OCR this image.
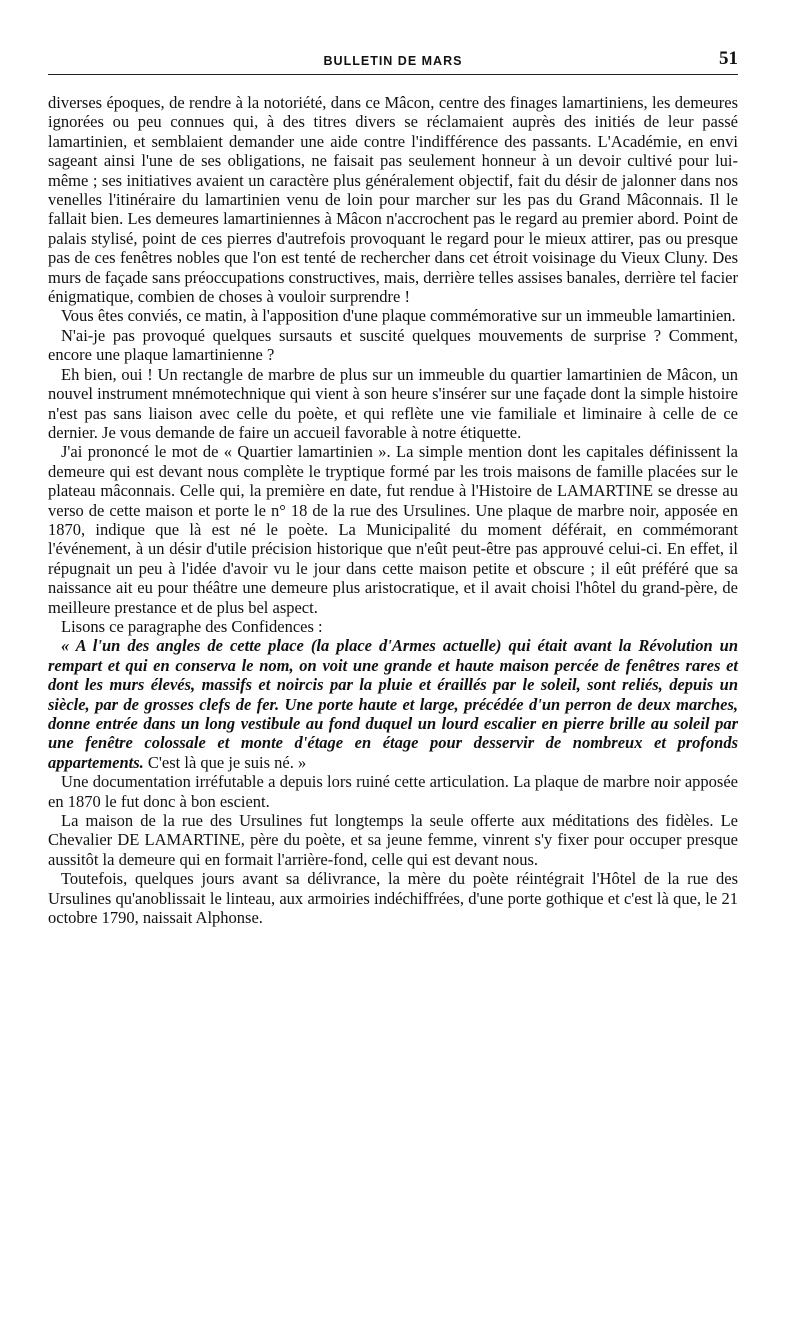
BULLETIN DE MARS	51

diverses époques, de rendre à la notoriété, dans ce Mâcon, centre des finages lamartiniens, les demeures ignorées ou peu connues qui, à des titres divers se réclamaient auprès des initiés de leur passé lamartinien, et semblaient demander une aide contre l'indifférence des passants. L'Académie, en envi sageant ainsi l'une de ses obligations, ne faisait pas seulement honneur à un devoir cultivé pour lui-même ; ses initiatives avaient un caractère plus généralement objectif, fait du désir de jalonner dans nos venelles l'itinéraire du lamartinien venu de loin pour marcher sur les pas du Grand Mâconnais. Il le fallait bien. Les demeures lamartiniennes à Mâcon n'accrochent pas le regard au premier abord. Point de palais stylisé, point de ces pierres d'autrefois provoquant le regard pour le mieux attirer, pas ou presque pas de ces fenêtres nobles que l'on est tenté de rechercher dans cet étroit voisinage du Vieux Cluny. Des murs de façade sans préoccupations constructives, mais, derrière telles assises banales, derrière tel facier énigmatique, combien de choses à vouloir surprendre !

Vous êtes conviés, ce matin, à l'apposition d'une plaque commémorative sur un immeuble lamartinien.

N'ai-je pas provoqué quelques sursauts et suscité quelques mouvements de surprise ? Comment, encore une plaque lamartinienne ?

Eh bien, oui ! Un rectangle de marbre de plus sur un immeuble du quartier lamartinien de Mâcon, un nouvel instrument mnémotechnique qui vient à son heure s'insérer sur une façade dont la simple histoire n'est pas sans liaison avec celle du poète, et qui reflète une vie familiale et liminaire à celle de ce dernier. Je vous demande de faire un accueil favorable à notre étiquette.

J'ai prononcé le mot de « Quartier lamartinien ». La simple mention dont les capitales définissent la demeure qui est devant nous complète le tryptique formé par les trois maisons de famille placées sur le plateau mâconnais. Celle qui, la première en date, fut rendue à l'Histoire de LAMARTINE se dresse au verso de cette maison et porte le n° 18 de la rue des Ursulines. Une plaque de marbre noir, apposée en 1870, indique que là est né le poète. La Municipalité du moment déférait, en commémorant l'événement, à un désir d'utile précision historique que n'eût peut-être pas approuvé celui-ci. En effet, il répugnait un peu à l'idée d'avoir vu le jour dans cette maison petite et obscure ; il eût préféré que sa naissance ait eu pour théâtre une demeure plus aristocratique, et il avait choisi l'hôtel du grand-père, de meilleure prestance et de plus bel aspect.

Lisons ce paragraphe des Confidences :

« A l'un des angles de cette place (la place d'Armes actuelle) qui était avant la Révolution un rempart et qui en conserva le nom, on voit une grande et haute maison percée de fenêtres rares et dont les murs élevés, massifs et noircis par la pluie et éraillés par le soleil, sont reliés, depuis un siècle, par de grosses clefs de fer. Une porte haute et large, précédée d'un perron de deux marches, donne entrée dans un long vestibule au fond duquel un lourd escalier en pierre brille au soleil par une fenêtre colossale et monte d'étage en étage pour desservir de nombreux et profonds appartements. C'est là que je suis né. »

Une documentation irréfutable a depuis lors ruiné cette articulation. La plaque de marbre noir apposée en 1870 le fut donc à bon escient.

La maison de la rue des Ursulines fut longtemps la seule offerte aux méditations des fidèles. Le Chevalier DE LAMARTINE, père du poète, et sa jeune femme, vinrent s'y fixer pour occuper presque aussitôt la demeure qui en formait l'arrière-fond, celle qui est devant nous.

Toutefois, quelques jours avant sa délivrance, la mère du poète réintégrait l'Hôtel de la rue des Ursulines qu'anoblissait le linteau, aux armoiries indéchiffrées, d'une porte gothique et c'est là que, le 21 octobre 1790, naissait Alphonse.
